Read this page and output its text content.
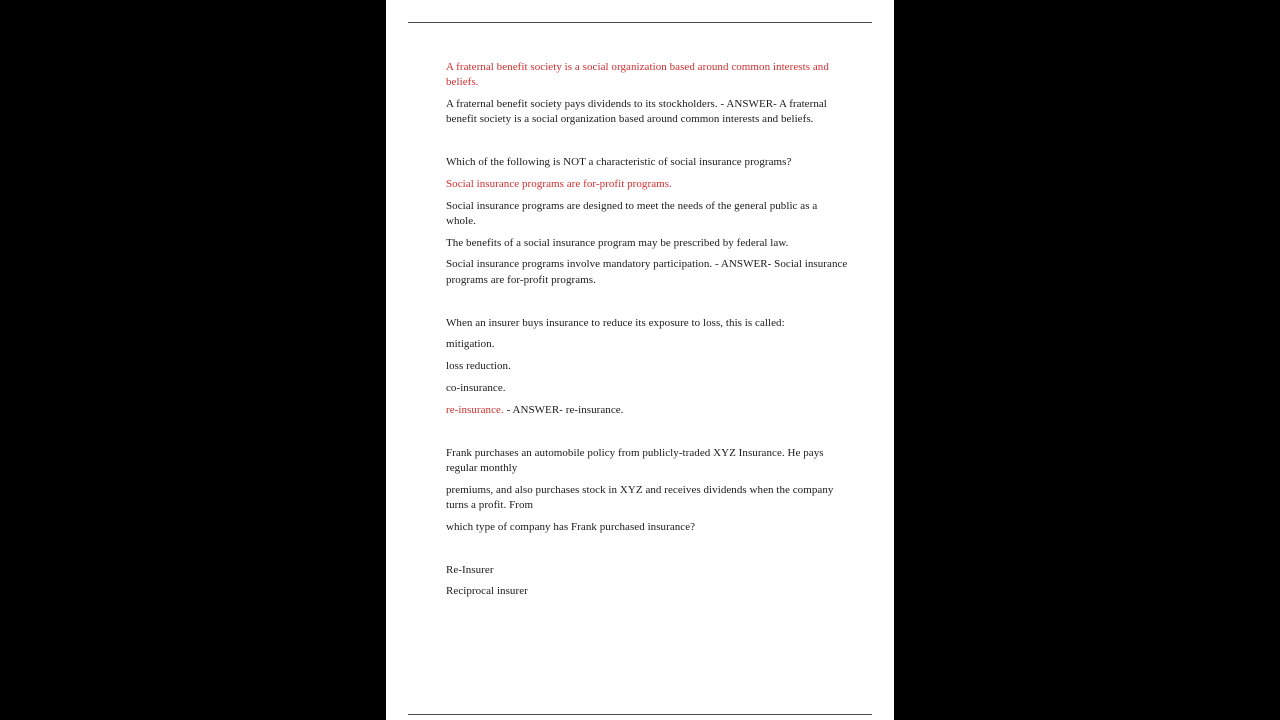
A fraternal benefit society is a social organization based around common interests and beliefs.

A fraternal benefit society pays dividends to its stockholders. - ANSWER- A fraternal benefit society is a social organization based around common interests and beliefs.

Which of the following is NOT a characteristic of social insurance programs?

Social insurance programs are for-profit programs.

Social insurance programs are designed to meet the needs of the general public as a whole.

The benefits of a social insurance program may be prescribed by federal law.

Social insurance programs involve mandatory participation. - ANSWER- Social insurance programs are for-profit programs.

When an insurer buys insurance to reduce its exposure to loss, this is called:

mitigation.

loss reduction.

co-insurance.

re-insurance. - ANSWER- re-insurance.

Frank purchases an automobile policy from publicly-traded XYZ Insurance. He pays regular monthly

premiums, and also purchases stock in XYZ and receives dividends when the company turns a profit. From

which type of company has Frank purchased insurance?

Re-Insurer

Reciprocal insurer
